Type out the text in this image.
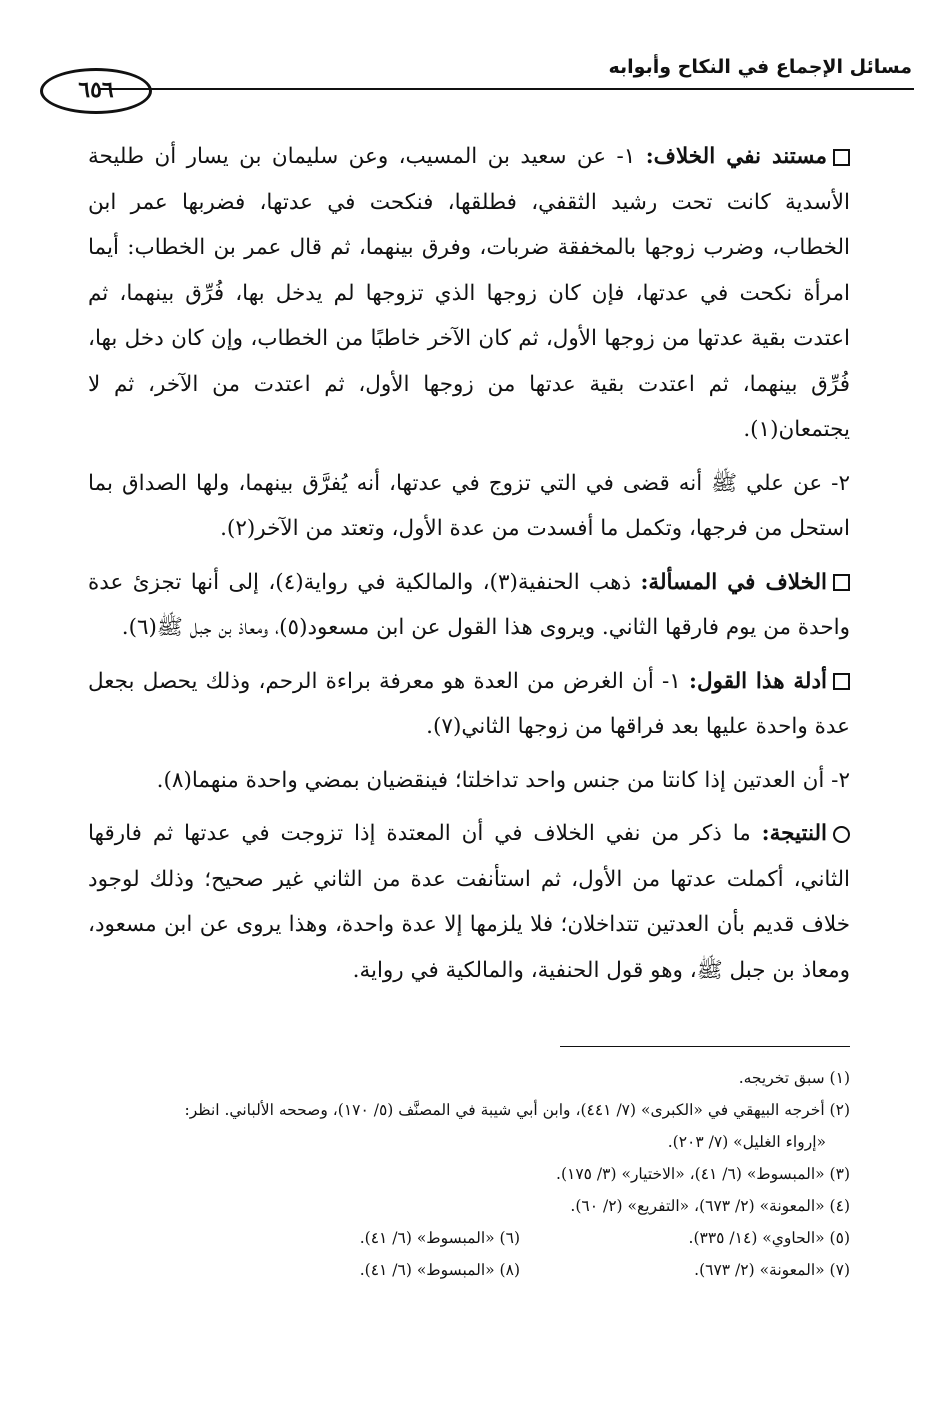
مسائل الإجماع في النكاح وأبوابه
٦٥٦

مستند نفي الخلاف: ١- عن سعيد بن المسيب، وعن سليمان بن يسار أن طليحة الأسدية كانت تحت رشيد الثقفي، فطلقها، فنكحت في عدتها، فضربها عمر ابن الخطاب، وضرب زوجها بالمخفقة ضربات، وفرق بينهما، ثم قال عمر بن الخطاب: أيما امرأة نكحت في عدتها، فإن كان زوجها الذي تزوجها لم يدخل بها، فُرِّق بينهما، ثم اعتدت بقية عدتها من زوجها الأول، ثم كان الآخر خاطبًا من الخطاب، وإن كان دخل بها، فُرِّق بينهما، ثم اعتدت بقية عدتها من زوجها الأول، ثم اعتدت من الآخر، ثم لا يجتمعان(١).

٢- عن علي ﷺ أنه قضى في التي تزوج في عدتها، أنه يُفرَّق بينهما، ولها الصداق بما استحل من فرجها، وتكمل ما أفسدت من عدة الأول، وتعتد من الآخر(٢).

الخلاف في المسألة: ذهب الحنفية(٣)، والمالكية في رواية(٤)، إلى أنها تجزئ عدة واحدة من يوم فارقها الثاني. ويروى هذا القول عن ابن مسعود(٥)، ومعاذ بن جبل ﷺ(٦).

أدلة هذا القول: ١- أن الغرض من العدة هو معرفة براءة الرحم، وذلك يحصل بجعل عدة واحدة عليها بعد فراقها من زوجها الثاني(٧).

٢- أن العدتين إذا كانتا من جنس واحد تداخلتا؛ فينقضيان بمضي واحدة منهما(٨).

النتيجة: ما ذكر من نفي الخلاف في أن المعتدة إذا تزوجت في عدتها ثم فارقها الثاني، أكملت عدتها من الأول، ثم استأنفت عدة من الثاني غير صحيح؛ وذلك لوجود خلاف قديم بأن العدتين تتداخلان؛ فلا يلزمها إلا عدة واحدة، وهذا يروى عن ابن مسعود، ومعاذ بن جبل ﷺ، وهو قول الحنفية، والمالكية في رواية.

(١) سبق تخريجه.

(٢) أخرجه البيهقي في «الكبرى» (٧/ ٤٤١)، وابن أبي شيبة في المصنَّف (٥/ ١٧٠)، وصححه الألباني. انظر:

«إرواء الغليل» (٧/ ٢٠٣).

(٣) «المبسوط» (٦/ ٤١)، «الاختيار» (٣/ ١٧٥).

(٤) «المعونة» (٢/ ٦٧٣)، «التفريع» (٢/ ٦٠).

(٥) «الحاوي» (١٤/ ٣٣٥).

(٦) «المبسوط» (٦/ ٤١).

(٧) «المعونة» (٢/ ٦٧٣).

(٨) «المبسوط» (٦/ ٤١).
